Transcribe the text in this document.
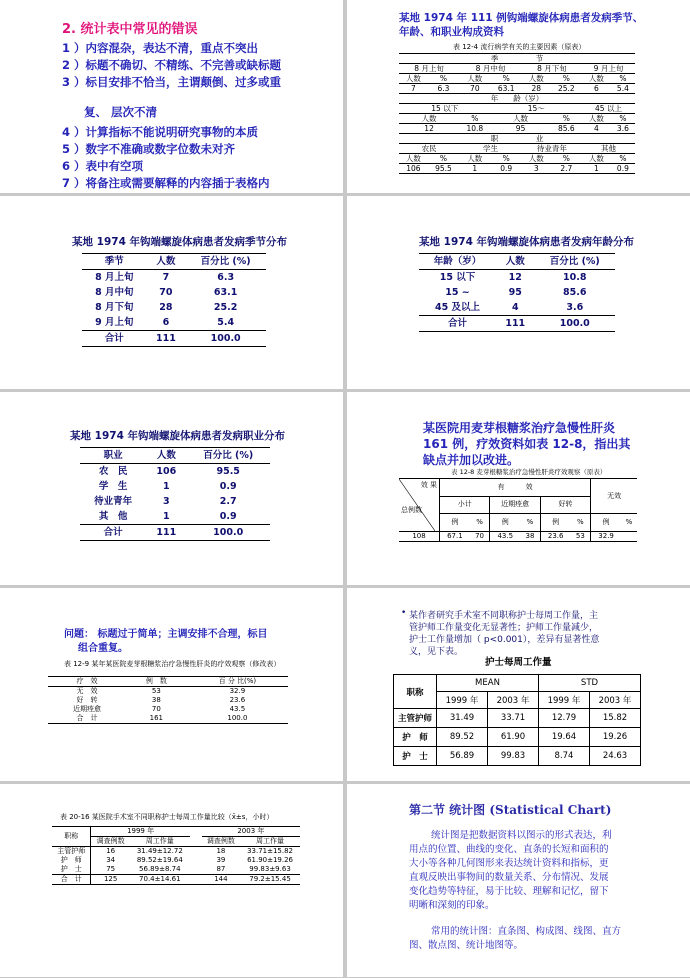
2. 统计表中常见的错误

1 ）内容混杂，表达不清，重点不突出

2 ）标题不确切、不精练、不完善或缺标题

3 ）标目安排不恰当，主谓颠倒、过多或重

复、 层次不清

4 ）计算指标不能说明研究事物的本质

5 ）数字不准确或数字位数未对齐

6 ）表中有空项

7 ）将备注或需要解释的内容插于表格内

某地 1974 年 111 例钩端螺旋体病患者发病季节、

年龄、和职业构成资料

表 12-4 流行病学有关的主要因素（原表）

季　　　　　节							
8 月上旬		8 月中旬		8 月下旬		9 月上旬	
人数	%	人数	%	人数	%	人数	%
7	6.3	70	63.1	28	25.2	6	5.4
年　　龄（岁）							
15 以下			15～			45 以上	
人数		%	人数		%	人数	%
12		10.8	95		85.6	4	3.6
职　　　　　业							
农民		学生		待业青年		其他	
人数	%	人数	%	人数	%	人数	%
106	95.5	1	0.9	3	2.7	1	0.9

某地 1974 年钩端螺旋体病患者发病季节分布

季节	人数	百分比 (%)
8 月上旬	7	6.3
8 月中旬	70	63.1
8 月下旬	28	25.2
9 月上旬	6	5.4
合计	111	100.0

某地 1974 年钩端螺旋体病患者发病年龄分布

年龄（岁）	人数	百分比 (%)
15 以下	12	10.8
15 ~	95	85.6
45 及以上	4	3.6
合计	111	100.0

某地 1974 年钩端螺旋体病患者发病职业分布

职业	人数	百分比 (%)
农　民	106	95.5
学　生	1	0.9
待业青年	3	2.7
其　他	1	0.9
合计	111	100.0

某医院用麦芽根糖浆治疗急慢性肝炎

161 例，疗效资料如表 12-8，指出其

缺点并加以改进。

表 12-8 麦芽根糖浆治疗急慢性肝炎疗效观察（原表）

效 果
总例数	有　　　效						无效	
	小计		近期痊愈		好转			
	例	%	例	%	例	%	例	%
108	67.1	70	43.5	38	23.6	53	32.9	

问题： 标题过于简单；主调安排不合理，标目

组合重复。

表 12-9 某年某医院麦芽根糖浆治疗急慢性肝炎的疗效观察（修改表）

疗　效	例　数	百 分 比(%)
无　效	53	32.9
好　转	38	23.6
近期痊愈	70	43.5
合　计	161	100.0
• 某作者研究手术室不同职称护士每周工作量，主

管护师工作量变化无显著性；护师工作量减少，

护士工作量增加（ p<0.001），差异有显著性意

义，见下表。

护士每周工作量

职称	MEAN		STD	
	1999 年	2003 年	1999 年	2003 年
主管护师	31.49	33.71	12.79	15.82
护　师	89.52	61.90	19.64	19.26
护　士	56.89	99.83	8.74	24.63

表 20-16 某医院手术室不同职称护士每周工作量比较（x̄±s，小时）

职称	1999 年			2003 年	
	调查例数	周工作量		调查例数	周工作量
主管护师	16	31.49±12.72		18	33.71±15.82
护　师	34	89.52±19.64		39	61.90±19.26
护　士	75	56.89±8.74		87	99.83±9.63
合　计	125	70.4±14.61		144	79.2±15.45

第二节 统计图 (Statistical Chart)

统计图是把数据资料以图示的形式表达，利

用点的位置、曲线的变化、直条的长短和面积的

大小等各种几何图形来表达统计资料和指标，更

直观反映出事物间的数量关系、分布情况、发展

变化趋势等特征，易于比较、理解和记忆，留下

明晰和深刻的印象。

常用的统计图：直条图、构成图、线图、直方

图、散点图、统计地图等。
